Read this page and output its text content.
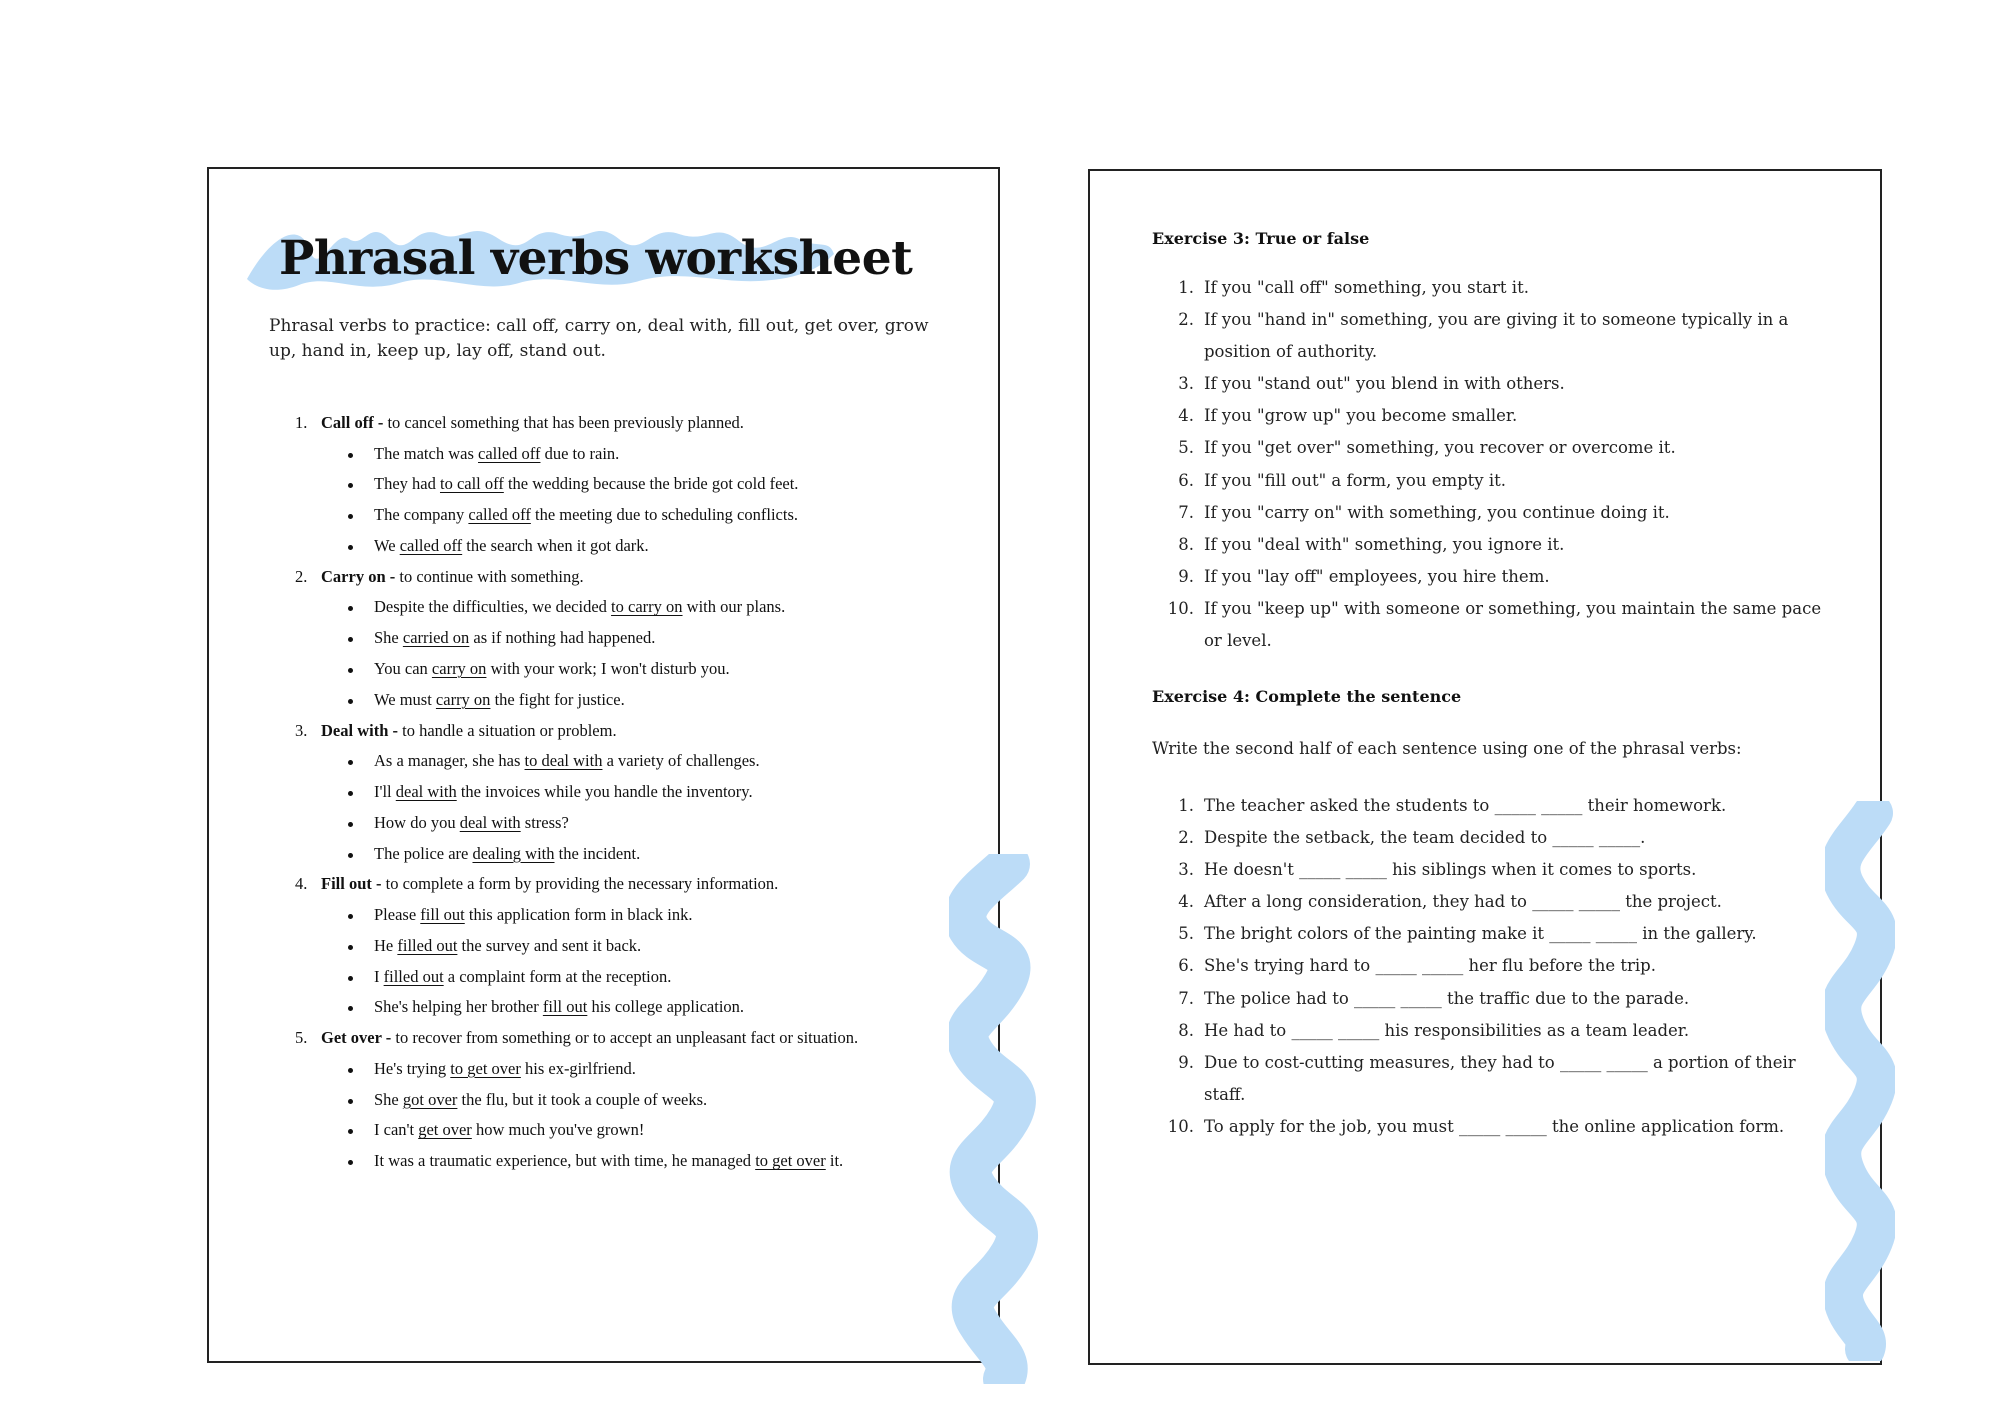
Phrasal verbs worksheet

Phrasal verbs to practice: call off, carry on, deal with, fill out, get over, grow up, hand in, keep up, lay off, stand out.

1. Call off - to cancel something that has been previously planned.
The match was called off due to rain.
They had to call off the wedding because the bride got cold feet.
The company called off the meeting due to scheduling conflicts.
We called off the search when it got dark.
2. Carry on - to continue with something.
Despite the difficulties, we decided to carry on with our plans.
She carried on as if nothing had happened.
You can carry on with your work; I won't disturb you.
We must carry on the fight for justice.
3. Deal with - to handle a situation or problem.
As a manager, she has to deal with a variety of challenges.
I'll deal with the invoices while you handle the inventory.
How do you deal with stress?
The police are dealing with the incident.
4. Fill out - to complete a form by providing the necessary information.
Please fill out this application form in black ink.
He filled out the survey and sent it back.
I filled out a complaint form at the reception.
She's helping her brother fill out his college application.
5. Get over - to recover from something or to accept an unpleasant fact or situation.
He's trying to get over his ex-girlfriend.
She got over the flu, but it took a couple of weeks.
I can't get over how much you've grown!
It was a traumatic experience, but with time, he managed to get over it.
Exercise 3: True or false
1. If you "call off" something, you start it.
2. If you "hand in" something, you are giving it to someone typically in a position of authority.
3. If you "stand out" you blend in with others.
4. If you "grow up" you become smaller.
5. If you "get over" something, you recover or overcome it.
6. If you "fill out" a form, you empty it.
7. If you "carry on" with something, you continue doing it.
8. If you "deal with" something, you ignore it.
9. If you "lay off" employees, you hire them.
10. If you "keep up" with someone or something, you maintain the same pace or level.
Exercise 4: Complete the sentence

Write the second half of each sentence using one of the phrasal verbs:

1. The teacher asked the students to _____ _____ their homework.
2. Despite the setback, the team decided to _____ _____.
3. He doesn't _____ _____ his siblings when it comes to sports.
4. After a long consideration, they had to _____ _____ the project.
5. The bright colors of the painting make it _____ _____ in the gallery.
6. She's trying hard to _____ _____ her flu before the trip.
7. The police had to _____ _____ the traffic due to the parade.
8. He had to _____ _____ his responsibilities as a team leader.
9. Due to cost-cutting measures, they had to _____ _____ a portion of their staff.
10. To apply for the job, you must _____ _____ the online application form.
